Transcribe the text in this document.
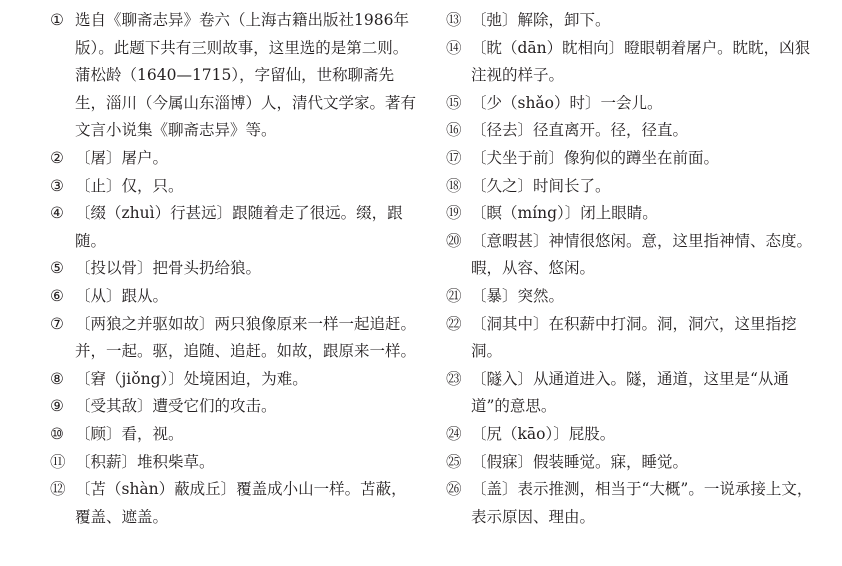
① 选自《聊斋志异》卷六（上海古籍出版社1986年版）。此题下共有三则故事，这里选的是第二则。蒲松龄（1640—1715），字留仙，世称聊斋先生，淄川（今属山东淄博）人，清代文学家。著有文言小说集《聊斋志异》等。
② 〔屠〕屠户。
③ 〔止〕仅，只。
④ 〔缀（zhuì）行甚远〕跟随着走了很远。缀，跟随。
⑤ 〔投以骨〕把骨头扔给狼。
⑥ 〔从〕跟从。
⑦ 〔两狼之并驱如故〕两只狼像原来一样一起追赶。并，一起。驱，追随、追赶。如故，跟原来一样。
⑧ 〔窘（jiǒng）〕处境困迫，为难。
⑨ 〔受其敌〕遭受它们的攻击。
⑩ 〔顾〕看，视。
⑪ 〔积薪〕堆积柴草。
⑫ 〔苫（shàn）蔽成丘〕覆盖成小山一样。苫蔽，覆盖、遮盖。
⑬ 〔弛〕解除，卸下。
⑭ 〔眈（dān）眈相向〕瞪眼朝着屠户。眈眈，凶狠注视的样子。
⑮ 〔少（shǎo）时〕一会儿。
⑯ 〔径去〕径直离开。径，径直。
⑰ 〔犬坐于前〕像狗似的蹲坐在前面。
⑱ 〔久之〕时间长了。
⑲ 〔瞑（míng）〕闭上眼睛。
⑳ 〔意暇甚〕神情很悠闲。意，这里指神情、态度。暇，从容、悠闲。
㉑ 〔暴〕突然。
㉒ 〔洞其中〕在积薪中打洞。洞，洞穴，这里指挖洞。
㉓ 〔隧入〕从通道进入。隧，通道，这里是“从通道”的意思。
㉔ 〔尻（kāo）〕屁股。
㉕ 〔假寐〕假装睡觉。寐，睡觉。
㉖ 〔盖〕表示推测，相当于“大概”。一说承接上文，表示原因、理由。
